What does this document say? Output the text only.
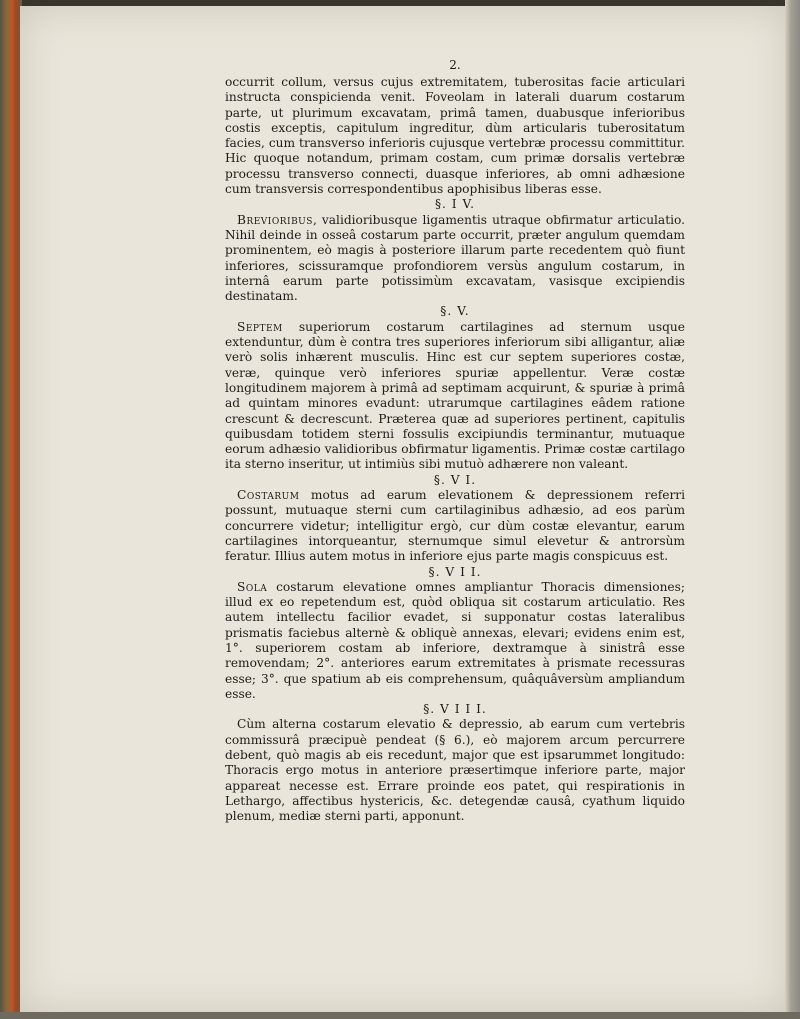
2.

occurrit collum, versus cujus extremitatem, tuberositas facie articulari instructa conspicienda venit. Foveolam in laterali duarum costarum parte, ut plurimum excavatam, primâ tamen, duabusque inferioribus costis exceptis, capitulum ingreditur, dùm articularis tuberositatum facies, cum transverso inferioris cujusque vertebræ processu committitur. Hic quoque notandum, primam costam, cum primæ dorsalis vertebræ processu transverso connecti, duasque inferiores, ab omni adhæsione cum transversis correspondentibus apophisibus liberas esse.

§. I V.

Brevioribus, validioribusque ligamentis utraque obfirmatur articulatio. Nihil deinde in osseâ costarum parte occurrit, præter angulum quemdam prominentem, eò magis à posteriore illarum parte recedentem quò fiunt inferiores, scissuramque profondiorem versùs angulum costarum, in internâ earum parte potissimùm excavatam, vasisque excipiendis destinatam.

§. V.

Septem superiorum costarum cartilagines ad sternum usque extenduntur, dùm è contra tres superiores inferiorum sibi alligantur, aliæ verò solis inhærent musculis. Hinc est cur septem superiores costæ, veræ, quinque verò inferiores spuriæ appellentur. Veræ costæ longitudinem majorem à primâ ad septimam acquirunt, & spuriæ à primâ ad quintam minores evadunt: utrarumque cartilagines eâdem ratione crescunt & decrescunt. Præterea quæ ad superiores pertinent, capitulis quibusdam totidem sterni fossulis excipiundis terminantur, mutuaque eorum adhæsio validioribus obfirmatur ligamentis. Primæ costæ cartilago ita sterno inseritur, ut intimiùs sibi mutuò adhærere non valeant.

§. V I.

Costarum motus ad earum elevationem & depressionem referri possunt, mutuaque sterni cum cartilaginibus adhæsio, ad eos parùm concurrere videtur; intelligitur ergò, cur dùm costæ elevantur, earum cartilagines intorqueantur, sternumque simul elevetur & antrorsùm feratur. Illius autem motus in inferiore ejus parte magis conspicuus est.

§. V I I.

Sola costarum elevatione omnes ampliantur Thoracis dimensiones; illud ex eo repetendum est, quòd obliqua sit costarum articulatio. Res autem intellectu facilior evadet, si supponatur costas lateralibus prismatis faciebus alternè & obliquè annexas, elevari; evidens enim est, 1°. superiorem costam ab inferiore, dextramque à sinistrâ esse removendam; 2°. anteriores earum extremitates à prismate recessuras esse; 3°. que spatium ab eis comprehensum, quâquâversùm ampliandum esse.

§. V I I I.

Cùm alterna costarum elevatio & depressio, ab earum cum vertebris commissurâ præcipuè pendeat (§ 6.), eò majorem arcum percurrere debent, quò magis ab eis recedunt, major que est ipsarummet longitudo: Thoracis ergo motus in anteriore præsertimque inferiore parte, major appareat necesse est. Errare proinde eos patet, qui respirationis in Lethargo, affectibus hystericis, &c. detegendæ causâ, cyathum liquido plenum, mediæ sterni parti, apponunt.
